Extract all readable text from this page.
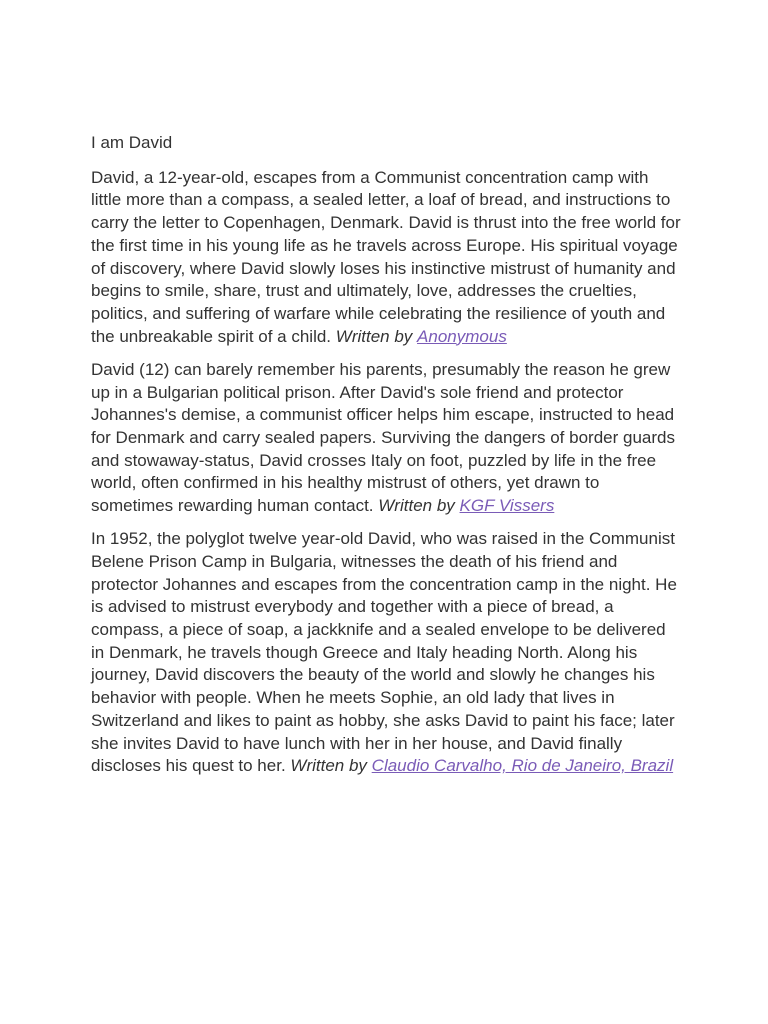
I am David
David, a 12-year-old, escapes from a Communist concentration camp with little more than a compass, a sealed letter, a loaf of bread, and instructions to carry the letter to Copenhagen, Denmark. David is thrust into the free world for the first time in his young life as he travels across Europe. His spiritual voyage of discovery, where David slowly loses his instinctive mistrust of humanity and begins to smile, share, trust and ultimately, love, addresses the cruelties, politics, and suffering of warfare while celebrating the resilience of youth and the unbreakable spirit of a child. Written by Anonymous
David (12) can barely remember his parents, presumably the reason he grew up in a Bulgarian political prison. After David's sole friend and protector Johannes's demise, a communist officer helps him escape, instructed to head for Denmark and carry sealed papers. Surviving the dangers of border guards and stowaway-status, David crosses Italy on foot, puzzled by life in the free world, often confirmed in his healthy mistrust of others, yet drawn to sometimes rewarding human contact. Written by KGF Vissers
In 1952, the polyglot twelve year-old David, who was raised in the Communist Belene Prison Camp in Bulgaria, witnesses the death of his friend and protector Johannes and escapes from the concentration camp in the night. He is advised to mistrust everybody and together with a piece of bread, a compass, a piece of soap, a jackknife and a sealed envelope to be delivered in Denmark, he travels though Greece and Italy heading North. Along his journey, David discovers the beauty of the world and slowly he changes his behavior with people. When he meets Sophie, an old lady that lives in Switzerland and likes to paint as hobby, she asks David to paint his face; later she invites David to have lunch with her in her house, and David finally discloses his quest to her. Written by Claudio Carvalho, Rio de Janeiro, Brazil
